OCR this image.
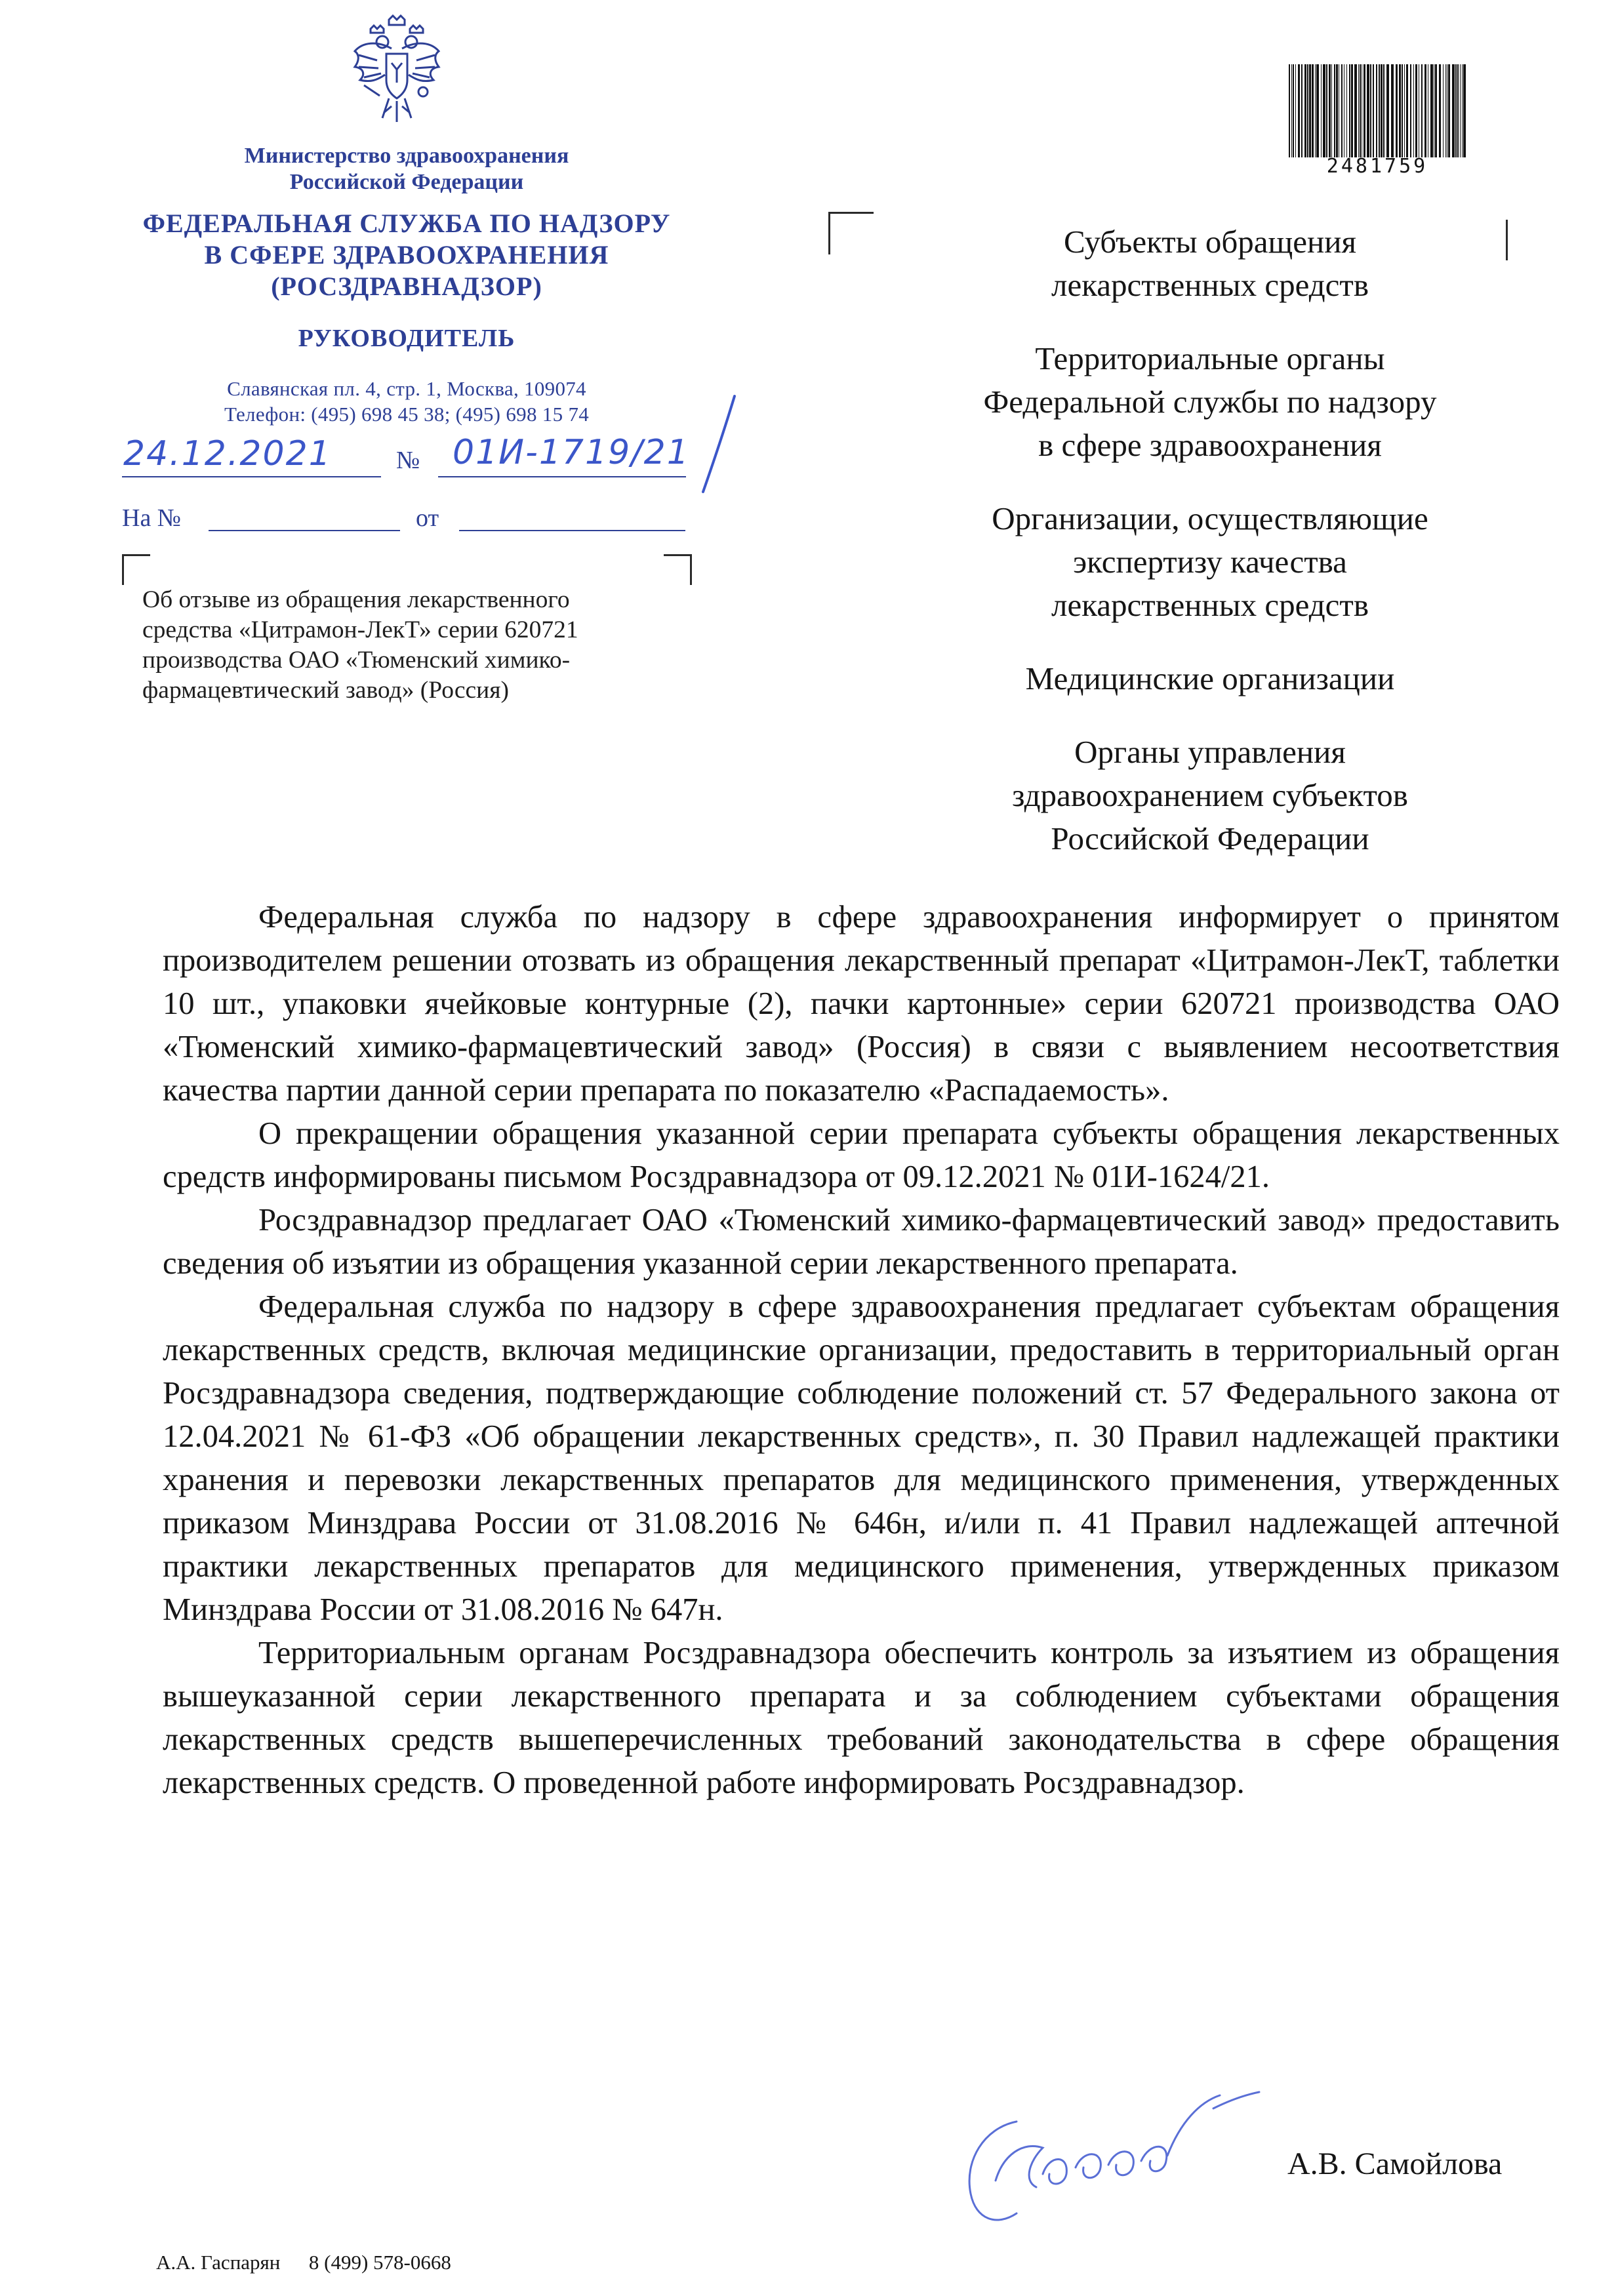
Министерство здравоохранения
Российской Федерации
ФЕДЕРАЛЬНАЯ СЛУЖБА ПО НАДЗОРУ
В СФЕРЕ ЗДРАВООХРАНЕНИЯ
(РОСЗДРАВНАДЗОР)
РУКОВОДИТЕЛЬ
Славянская пл. 4, стр. 1, Москва, 109074
Телефон: (495) 698 45 38; (495) 698 15 74
24.12.2021	№ 01И-1719/21
На №	от
Об отзыве из обращения лекарственного
средства «Цитрамон-ЛекТ» серии 620721
производства ОАО «Тюменский химико-
фармацевтический завод» (Россия)
2481759
Субъекты обращения
лекарственных средств
Территориальные органы
Федеральной службы по надзору
в сфере здравоохранения
Организации, осуществляющие
экспертизу качества
лекарственных средств
Медицинские организации
Органы управления
здравоохранением субъектов
Российской Федерации

Федеральная служба по надзору в сфере здравоохранения информирует о принятом производителем решении отозвать из обращения лекарственный препарат «Цитрамон-ЛекТ, таблетки 10 шт., упаковки ячейковые контурные (2), пачки картонные» серии 620721 производства ОАО «Тюменский химико-фармацевтический завод» (Россия) в связи с выявлением несоответствия качества партии данной серии препарата по показателю «Распадаемость».

О прекращении обращения указанной серии препарата субъекты обращения лекарственных средств информированы письмом Росздравнадзора от 09.12.2021 № 01И-1624/21.

Росздравнадзор предлагает ОАО «Тюменский химико-фармацевтический завод» предоставить сведения об изъятии из обращения указанной серии лекарственного препарата.

Федеральная служба по надзору в сфере здравоохранения предлагает субъектам обращения лекарственных средств, включая медицинские организации, предоставить в территориальный орган Росздравнадзора сведения, подтверждающие соблюдение положений ст. 57 Федерального закона от 12.04.2021 № 61-ФЗ «Об обращении лекарственных средств», п. 30 Правил надлежащей практики хранения и перевозки лекарственных препаратов для медицинского применения, утвержденных приказом Минздрава России от 31.08.2016 № 646н, и/или п. 41 Правил надлежащей аптечной практики лекарственных препаратов для медицинского применения, утвержденных приказом Минздрава России от 31.08.2016 № 647н.

Территориальным органам Росздравнадзора обеспечить контроль за изъятием из обращения вышеуказанной серии лекарственного препарата и за соблюдением субъектами обращения лекарственных средств вышеперечисленных требований законодательства в сфере обращения лекарственных средств. О проведенной работе информировать Росздравнадзор.

А.В. Самойлова
А.А. Гаспарян 8 (499) 578-0668
